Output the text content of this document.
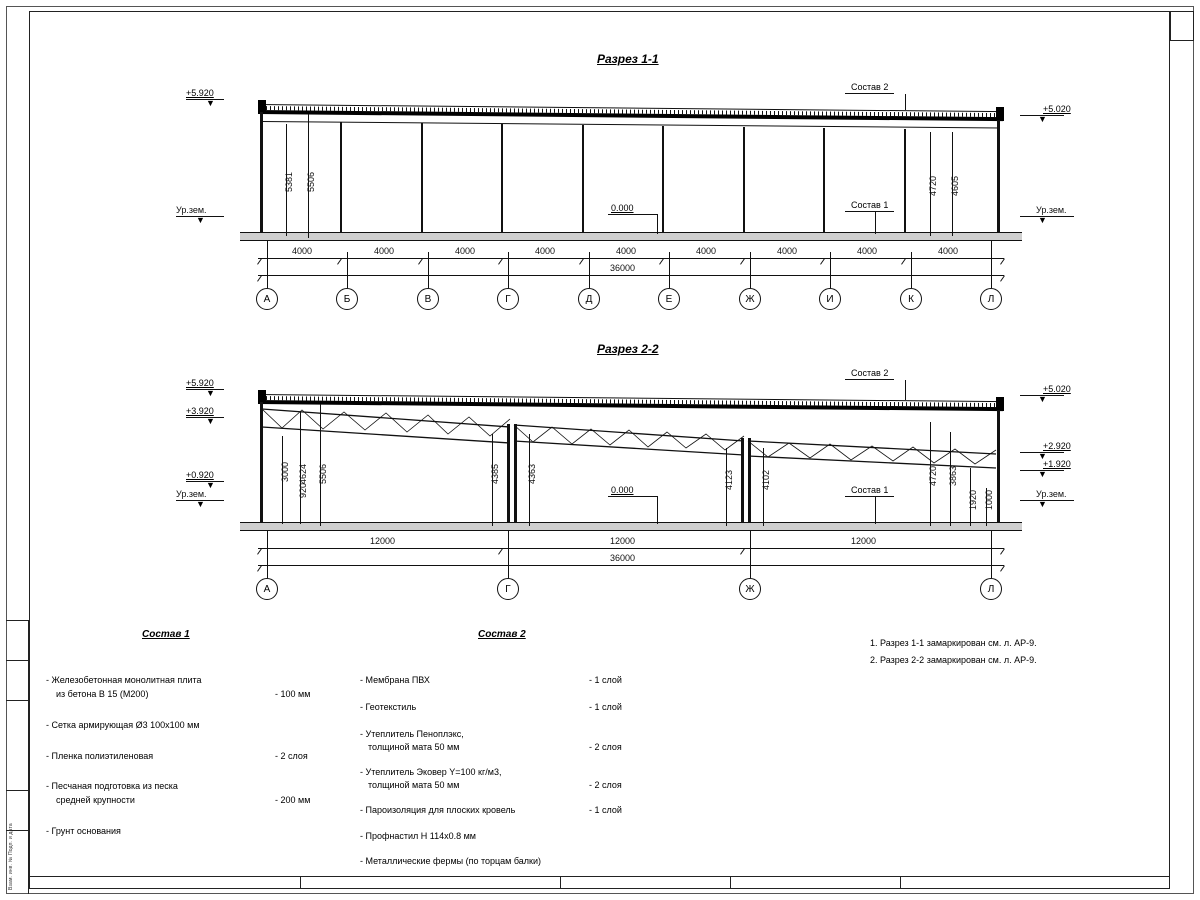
Взам. инв. № Подп. и дата
Разрез 1-1
+5.920
▼
Ур.зем.
▼
+5.020
▼
Ур.зем.
▼
0.000
5381 5506	4720 4605
Состав 2
Состав 1
4000	4000	4000	4000	4000	4000	4000	4000	4000
36000
А	Б	В	Г	Д	Е	Ж	И	К	Л
Разрез 2-2
+5.920
▼
+3.920
▼
+0.920
▼
Ур.зем.
▼
+5.020
▼
+2.920
▼
+1.920
▼
Ур.зем.
▼
0.000
3000
920
4624 5506	4385	4363	4123	4102	4720 3863
1920 1000
Состав 2
Состав 1
12000	12000	12000
36000
А	Г	Ж	Л
Состав 1
- Железобетонная монолитная плита
из бетона B 15 (M200)	- 100 мм
- Сетка армирующая Ø3 100x100 мм
- Пленка полиэтиленовая	- 2 слоя
- Песчаная подготовка из песка
средней крупности	- 200 мм
- Грунт основания
Состав 2
- Мембрана ПВХ	- 1 слой
- Геотекстиль	- 1 слой
- Утеплитель Пеноплэкс,
толщиной мата 50 мм	- 2 слоя
- Утеплитель Эковер Y=100 кг/м3,
толщиной мата 50 мм	- 2 слоя
- Пароизоляция для плоских кровель	- 1 слой
- Профнастил H 114x0.8 мм
- Металлические фермы (по торцам балки)
1. Разрез 1-1 замаркирован см. л. АР-9.
2. Разрез 2-2 замаркирован см. л. АР-9.
